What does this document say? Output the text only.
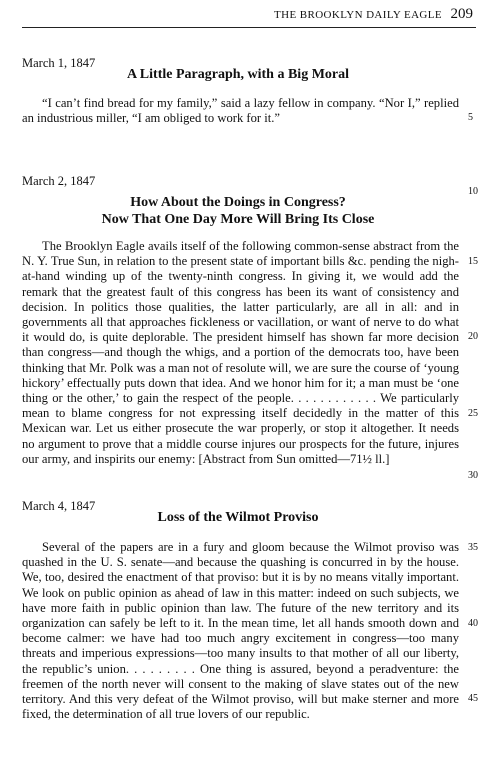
THE BROOKLYN DAILY EAGLE 209
March 1, 1847
A Little Paragraph, with a Big Moral

“I can’t find bread for my family,” said a lazy fellow in company. “Nor I,” replied an industrious miller, “I am obliged to work for it.”

March 2, 1847
How About the Doings in Congress?
Now That One Day More Will Bring Its Close

The Brooklyn Eagle avails itself of the following common-sense abstract from the N. Y. True Sun, in relation to the present state of important bills &c. pending the nigh-at-hand winding up of the twenty-ninth congress. In giving it, we would add the remark that the greatest fault of this congress has been its want of consistency and decision. In politics those qualities, the latter particularly, are all in all: and in governments all that approaches fickleness or vacillation, or want of nerve to do what it would do, is quite deplorable. The president himself has shown far more decision than congress—and though the whigs, and a portion of the democrats too, have been thinking that Mr. Polk was a man not of resolute will, we are sure the course of ‘young hickory’ effectually puts down that idea. And we honor him for it; a man must be ‘one thing or the other,’ to gain the respect of the people. . . . . . . . . . . . We particularly mean to blame congress for not expressing itself decidedly in the matter of this Mexican war. Let us either prosecute the war properly, or stop it altogether. It needs no argument to prove that a middle course injures our prospects for the future, injures our army, and inspirits our enemy: [Abstract from Sun omitted—71½ ll.]

March 4, 1847
Loss of the Wilmot Proviso

Several of the papers are in a fury and gloom because the Wilmot proviso was quashed in the U. S. senate—and because the quashing is concurred in by the house. We, too, desired the enactment of that proviso: but it is by no means vitally important. We look on public opinion as ahead of law in this matter: indeed on such subjects, we have more faith in public opinion than law. The future of the new territory and its organization can safely be left to it. In the mean time, let all hands smooth down and become calmer: we have had too much angry excitement in congress—too many threats and imperious expressions—too many insults to that mother of all our liberty, the republic’s union. . . . . . . . . One thing is assured, beyond a peradventure: the freemen of the north never will consent to the making of slave states out of the new territory. And this very defeat of the Wilmot proviso, will but make sterner and more fixed, the determination of all true lovers of our republic.

5
10
15
20
25
30
35
40
45
